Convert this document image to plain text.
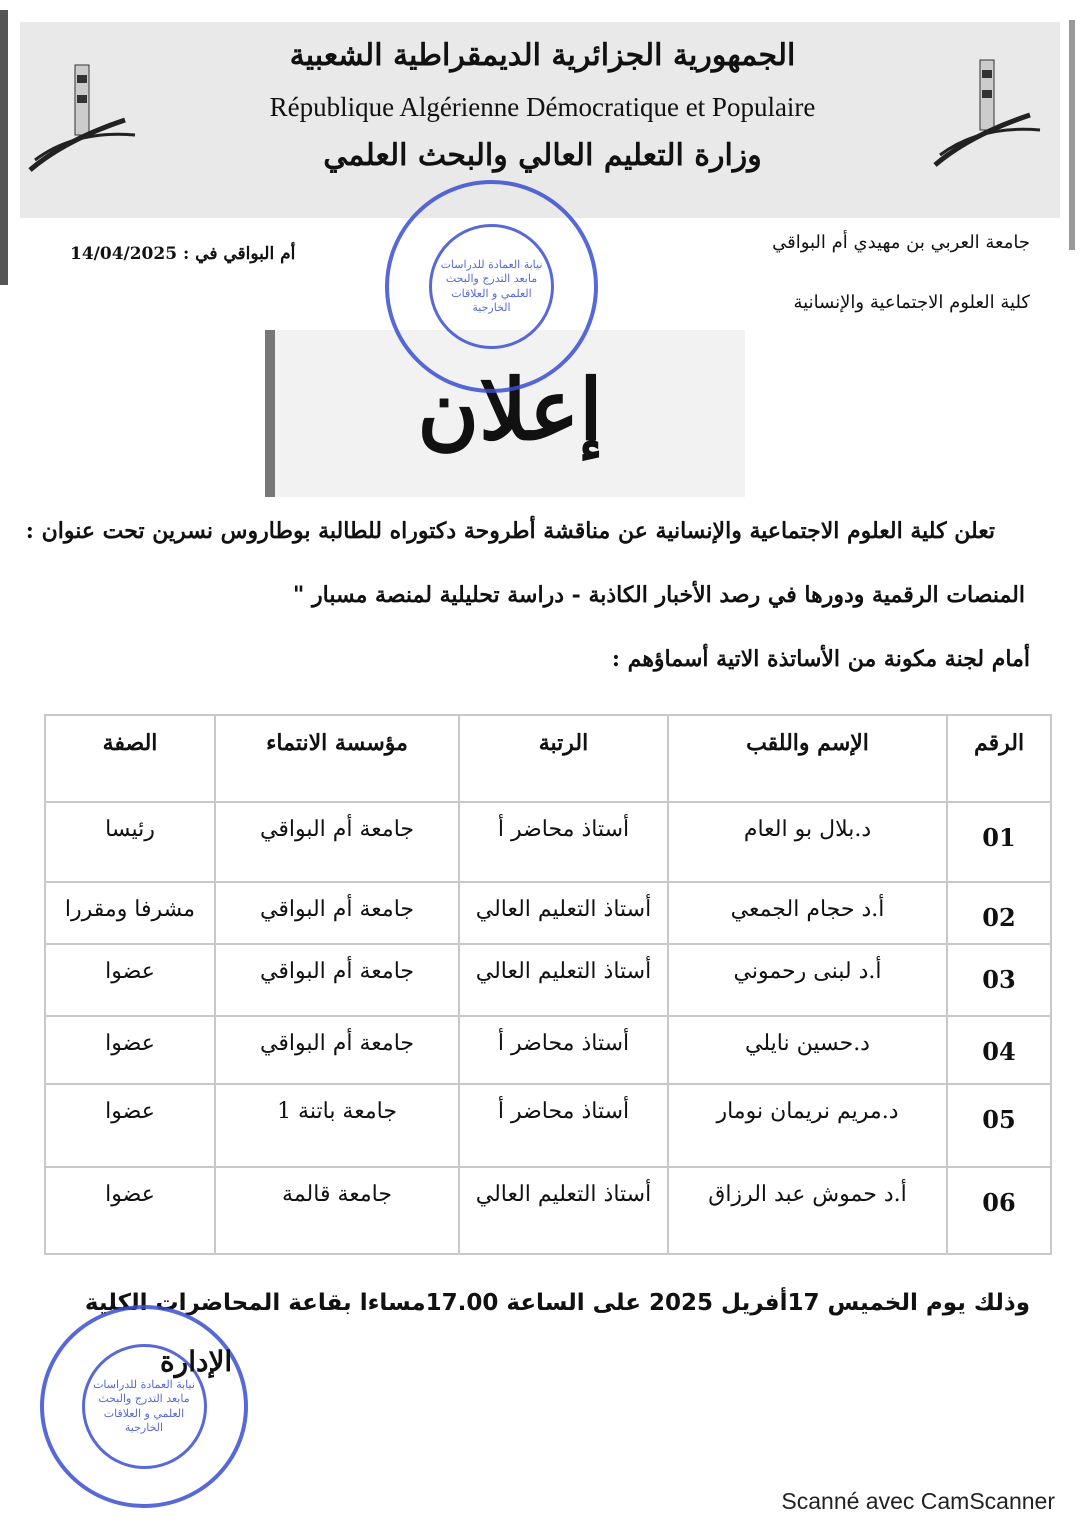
الجمهورية الجزائرية الديمقراطية الشعبية
République Algérienne Démocratique et Populaire
وزارة التعليم العالي والبحث العلمي
جامعة العربي بن مهيدي أم البواقي
كلية العلوم الاجتماعية والإنسانية
أم البواقي في : 14/04/2025
إعلان
نيابة العمادة للدراسات مابعد التدرج والبحث العلمي و العلاقات الخارجية
تعلن كلية العلوم الاجتماعية والإنسانية عن مناقشة أطروحة دكتوراه للطالبة بوطاروس نسرين تحت عنوان :
المنصات الرقمية ودورها في رصد الأخبار الكاذبة - دراسة تحليلية لمنصة مسبار "
أمام لجنة مكونة من الأساتذة الاتية أسماؤهم :
الرقم	الإسم واللقب	الرتبة	مؤسسة الانتماء	الصفة
01	د.بلال بو العام	أستاذ محاضر أ	جامعة أم البواقي	رئيسا
02	أ.د حجام الجمعي	أستاذ التعليم العالي	جامعة أم البواقي	مشرفا ومقررا
03	أ.د لبنى رحموني	أستاذ التعليم العالي	جامعة أم البواقي	عضوا
04	د.حسين نايلي	أستاذ محاضر أ	جامعة أم البواقي	عضوا
05	د.مريم نريمان نومار	أستاذ محاضر أ	جامعة باتنة 1	عضوا
06	أ.د حموش عبد الرزاق	أستاذ التعليم العالي	جامعة قالمة	عضوا
وذلك يوم الخميس 17أفريل 2025 على الساعة 17.00مساءا بقاعة المحاضرات الكلية
نيابة العمادة للدراسات مابعد التدرج والبحث العلمي و العلاقات الخارجية
الإدارة
Scanné avec CamScanner
